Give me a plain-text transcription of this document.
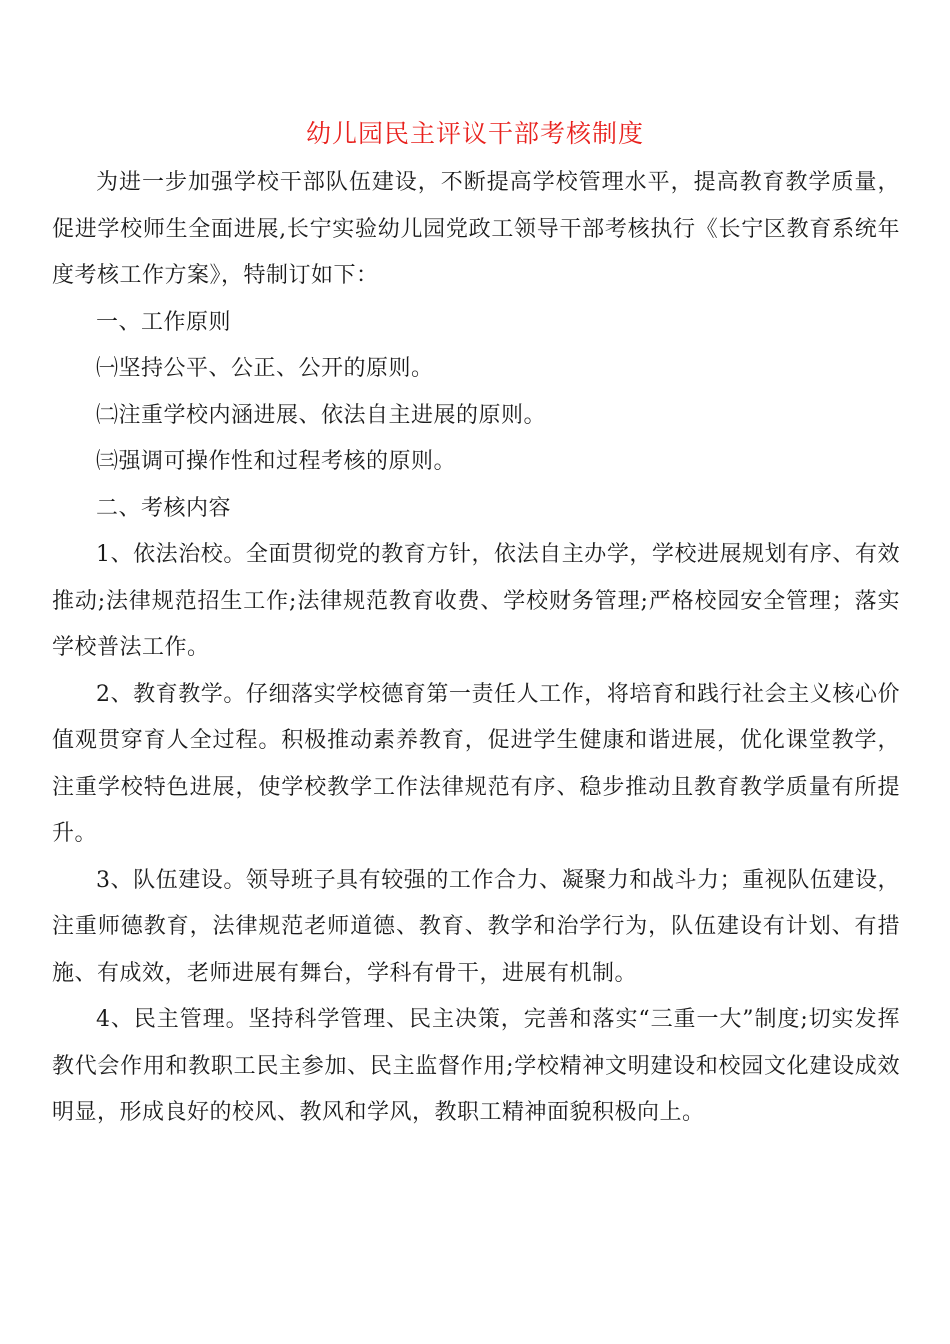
幼儿园民主评议干部考核制度

为进一步加强学校干部队伍建设，不断提高学校管理水平，提高教育教学质量，促进学校师生全面进展,长宁实验幼儿园党政工领导干部考核执行《长宁区教育系统年度考核工作方案》，特制订如下：

一、工作原则

㈠坚持公平、公正、公开的原则。

㈡注重学校内涵进展、依法自主进展的原则。

㈢强调可操作性和过程考核的原则。

二、考核内容

1、依法治校。全面贯彻党的教育方针，依法自主办学，学校进展规划有序、有效推动;法律规范招生工作;法律规范教育收费、学校财务管理;严格校园安全管理；落实学校普法工作。

2、教育教学。仔细落实学校德育第一责任人工作，将培育和践行社会主义核心价值观贯穿育人全过程。积极推动素养教育，促进学生健康和谐进展，优化课堂教学，注重学校特色进展，使学校教学工作法律规范有序、稳步推动且教育教学质量有所提升。

3、队伍建设。领导班子具有较强的工作合力、凝聚力和战斗力；重视队伍建设，注重师德教育，法律规范老师道德、教育、教学和治学行为，队伍建设有计划、有措施、有成效，老师进展有舞台，学科有骨干，进展有机制。

4、民主管理。坚持科学管理、民主决策，完善和落实“三重一大”制度;切实发挥教代会作用和教职工民主参加、民主监督作用;学校精神文明建设和校园文化建设成效明显，形成良好的校风、教风和学风，教职工精神面貌积极向上。
